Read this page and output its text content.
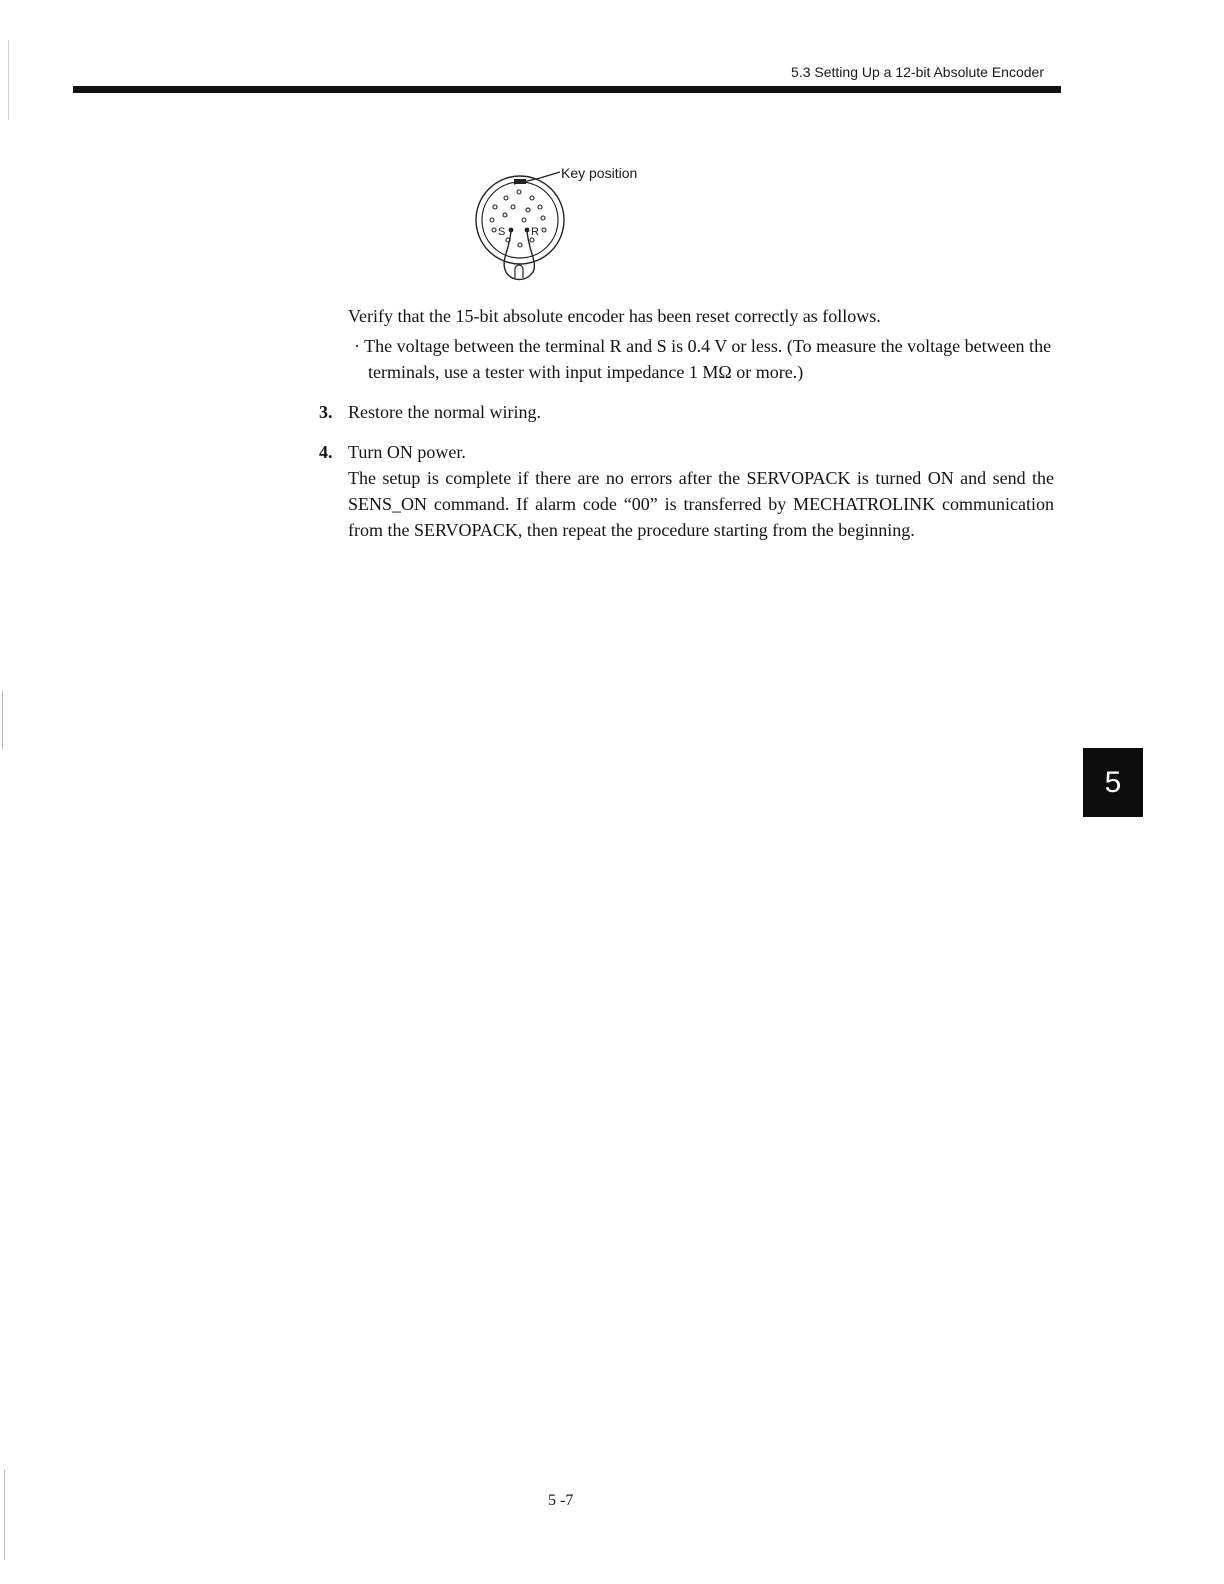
5.3 Setting Up a 12-bit Absolute Encoder
S R
Key position

Verify that the 15-bit absolute encoder has been reset correctly as follows.

· The voltage between the terminal R and S is 0.4 V or less. (To measure the voltage between the terminals, use a tester with input impedance 1 MΩ or more.)

3. Restore the normal wiring.

4. Turn ON power.

The setup is complete if there are no errors after the SERVOPACK is turned ON and send the SENS_ON command. If alarm code “00” is transferred by MECHATROLINK communication from the SERVOPACK, then repeat the procedure starting from the beginning.

5
5 -7
